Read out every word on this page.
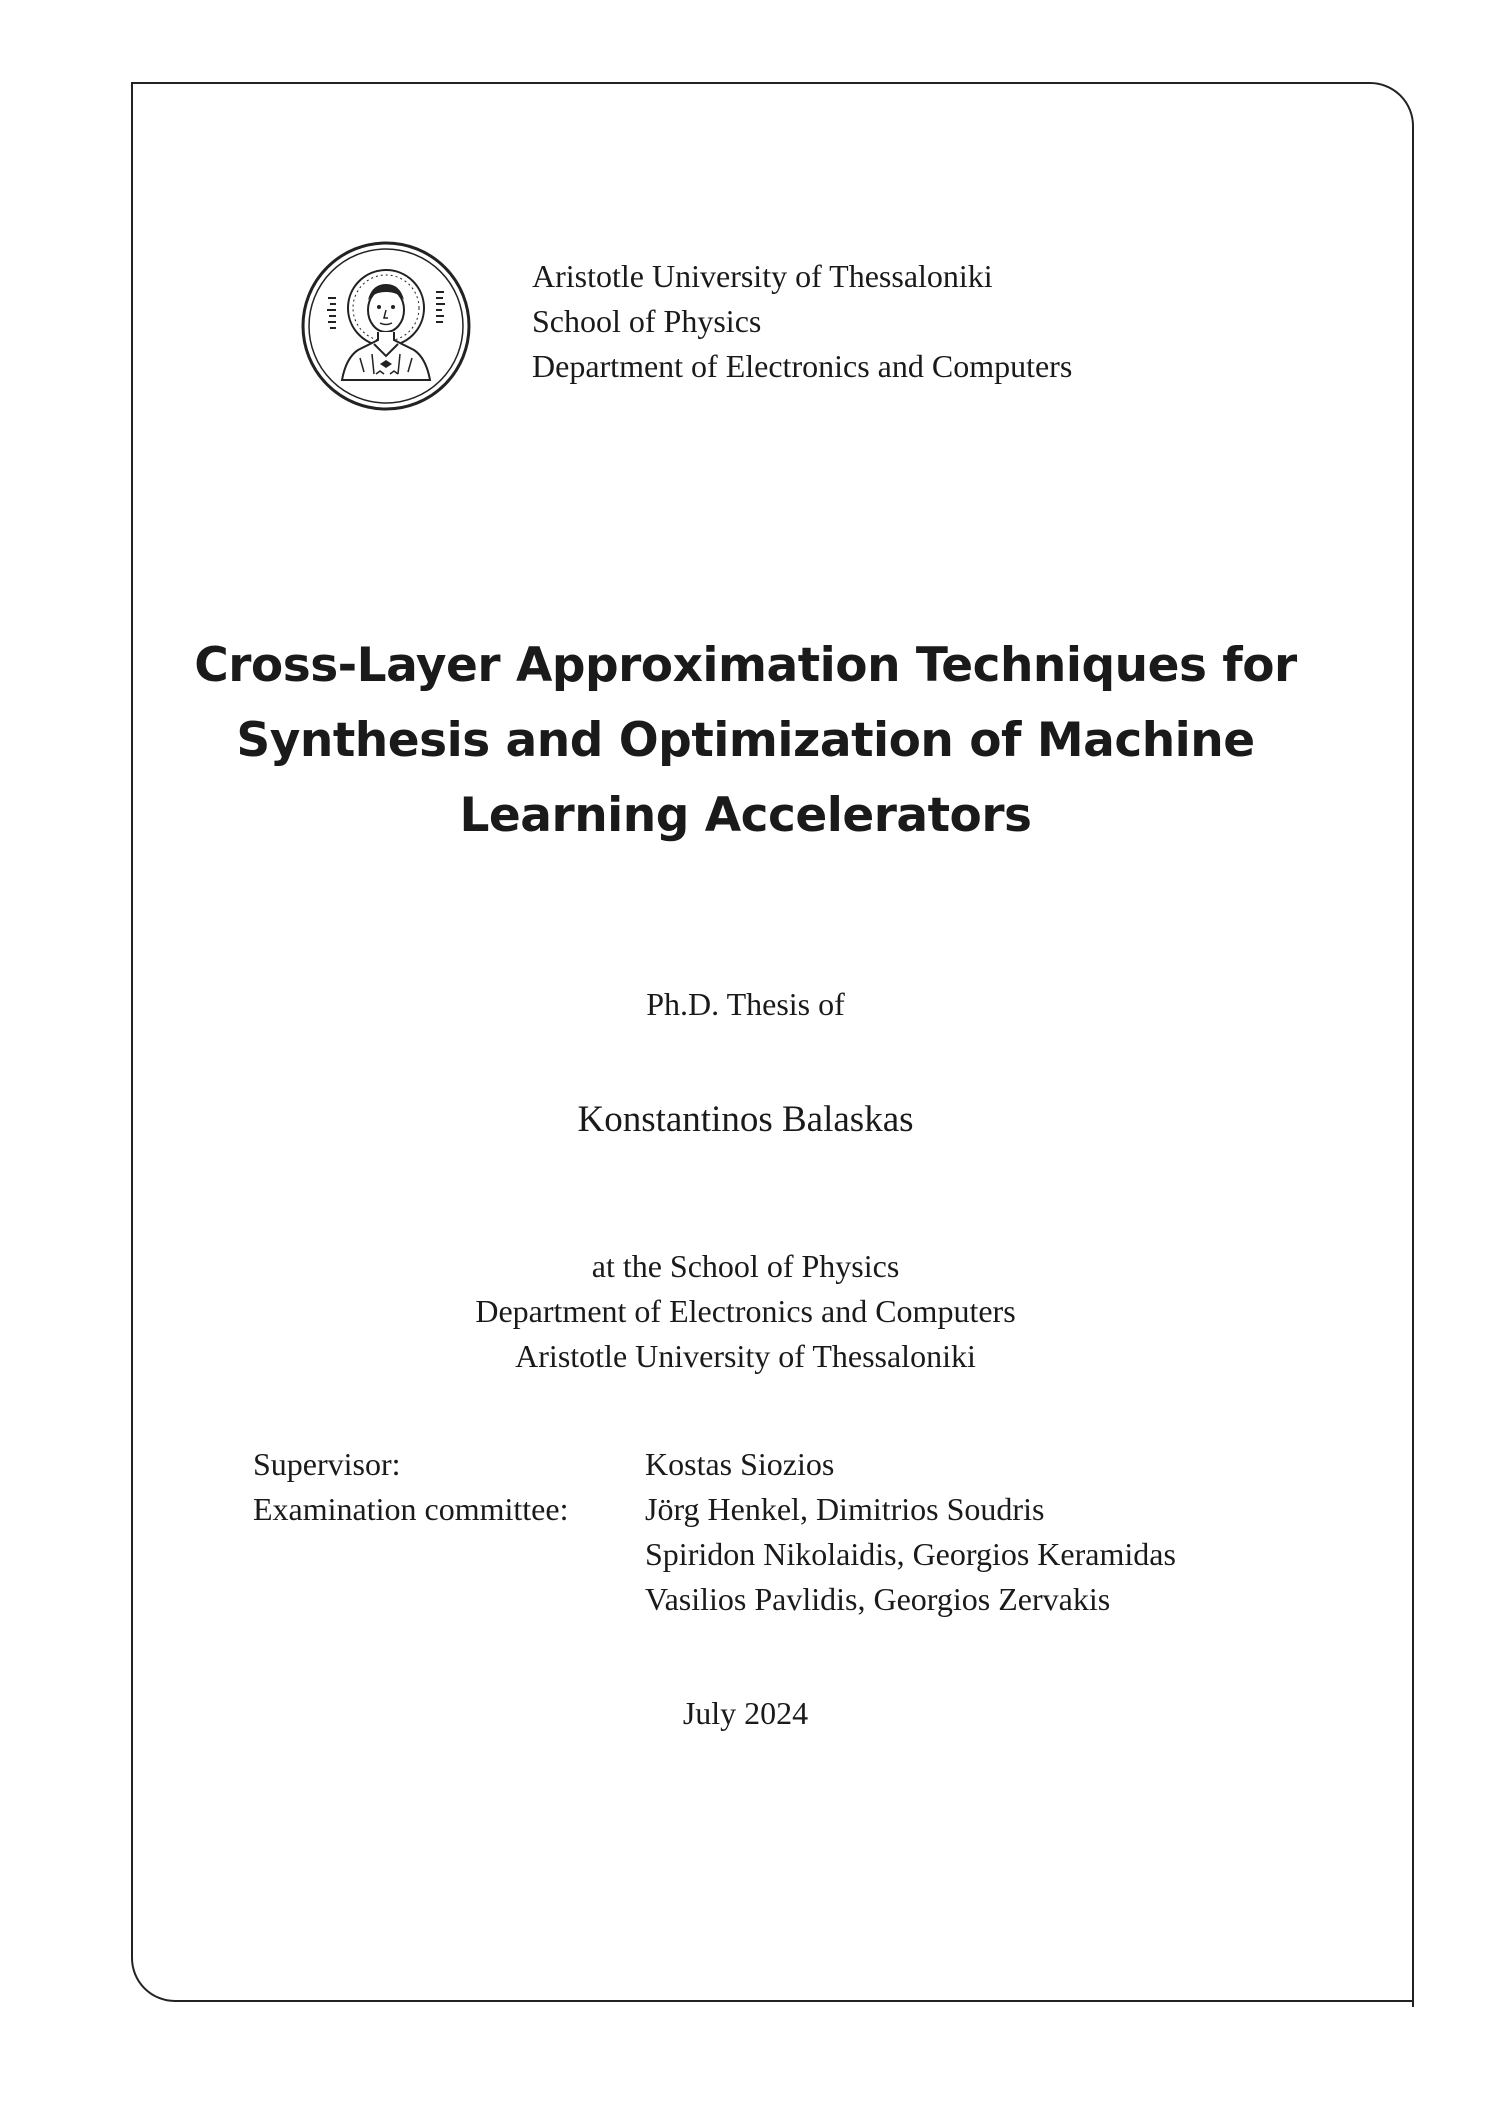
Aristotle University of Thessaloniki
School of Physics
Department of Electronics and Computers
Cross-Layer Approximation Techniques for
Synthesis and Optimization of Machine
Learning Accelerators
Ph.D. Thesis of
Konstantinos Balaskas
at the School of Physics
Department of Electronics and Computers
Aristotle University of Thessaloniki
Supervisor:	Kostas Siozios
Examination committee:	Jörg Henkel, Dimitrios Soudris
Spiridon Nikolaidis, Georgios Keramidas
Vasilios Pavlidis, Georgios Zervakis
July 2024
